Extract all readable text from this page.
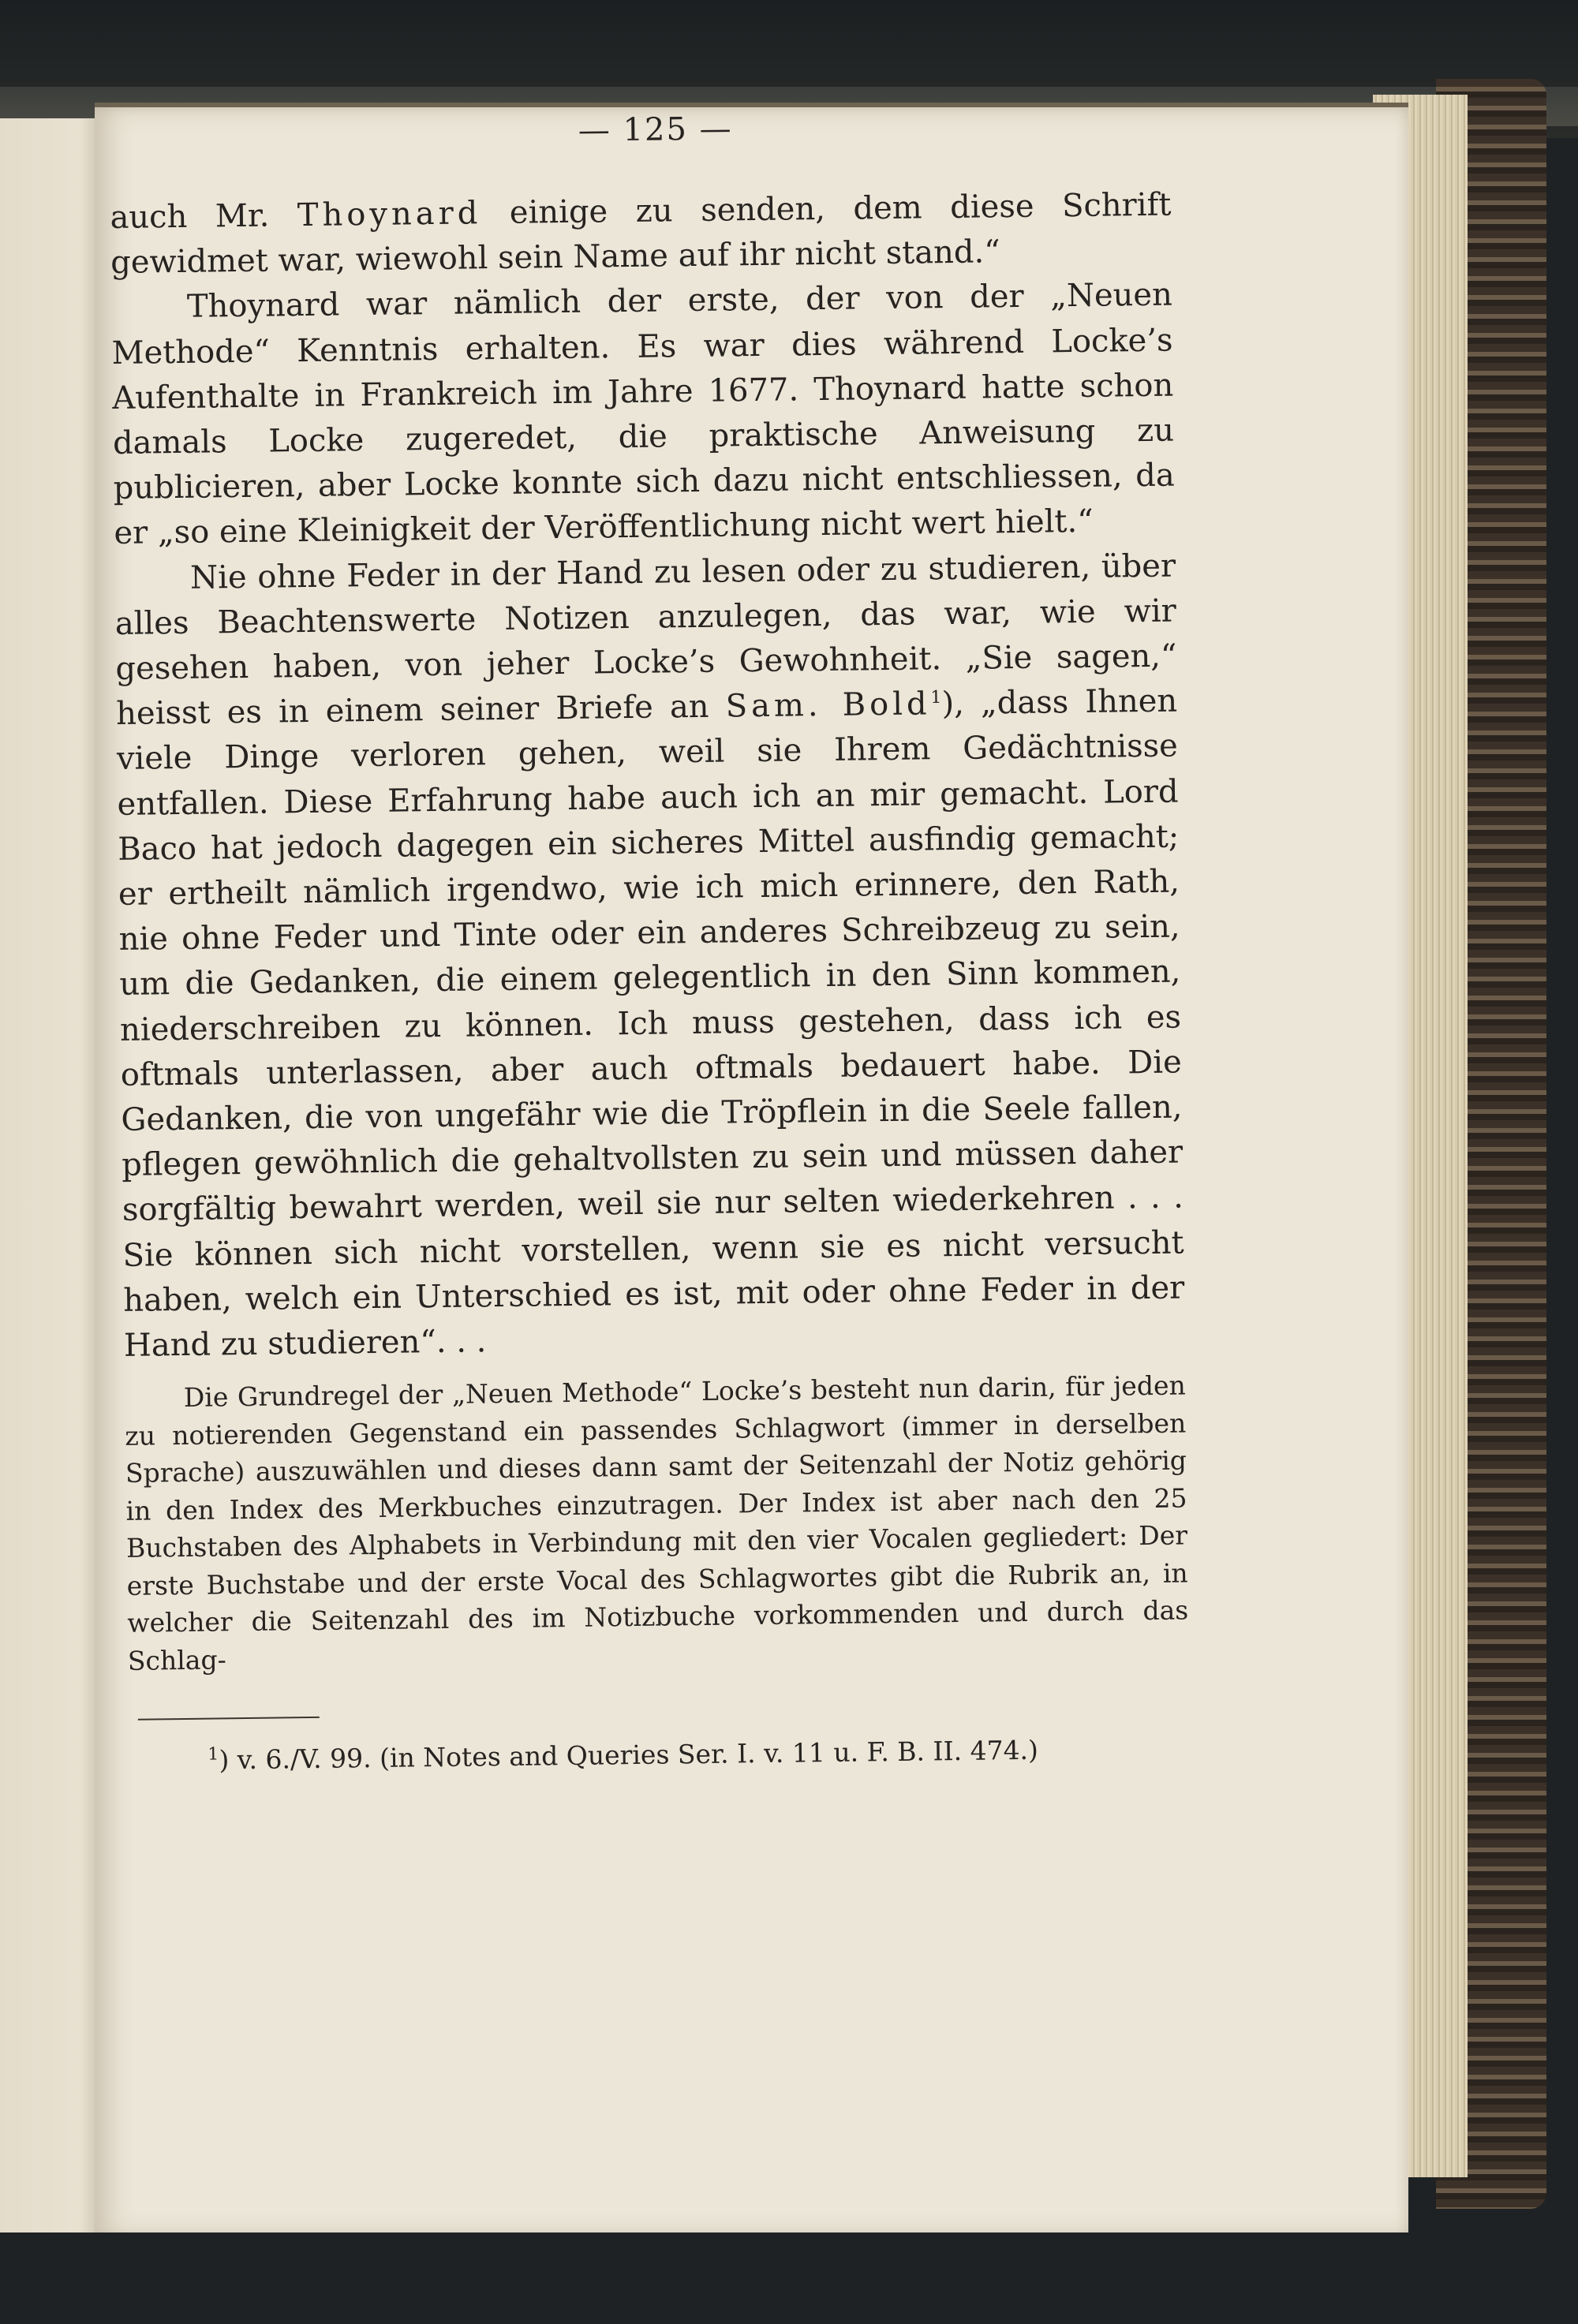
— 125 —

auch Mr. Thoynard einige zu senden, dem diese Schrift gewidmet war, wiewohl sein Name auf ihr nicht stand.“

Thoynard war nämlich der erste, der von der „Neuen Methode“ Kenntnis erhalten. Es war dies während Locke’s Aufenthalte in Frankreich im Jahre 1677. Thoynard hatte schon damals Locke zugeredet, die praktische Anweisung zu publicieren, aber Locke konnte sich dazu nicht entschliessen, da er „so eine Kleinigkeit der Veröffentlichung nicht wert hielt.“

Nie ohne Feder in der Hand zu lesen oder zu studieren, über alles Beachtenswerte Notizen anzulegen, das war, wie wir gesehen haben, von jeher Locke’s Gewohnheit. „Sie sagen,“ heisst es in einem seiner Briefe an Sam. Bold$^1$), „dass Ihnen viele Dinge verloren gehen, weil sie Ihrem Gedächtnisse entfallen. Diese Erfahrung habe auch ich an mir gemacht. Lord Baco hat jedoch dagegen ein sicheres Mittel ausfindig gemacht; er ertheilt nämlich irgendwo, wie ich mich erinnere, den Rath, nie ohne Feder und Tinte oder ein anderes Schreibzeug zu sein, um die Gedanken, die einem gelegentlich in den Sinn kommen, niederschreiben zu können. Ich muss gestehen, dass ich es oftmals unterlassen, aber auch oftmals bedauert habe. Die Gedanken, die von ungefähr wie die Tröpflein in die Seele fallen, pflegen gewöhnlich die gehaltvollsten zu sein und müssen daher sorgfältig bewahrt werden, weil sie nur selten wiederkehren . . . Sie können sich nicht vorstellen, wenn sie es nicht versucht haben, welch ein Unterschied es ist, mit oder ohne Feder in der Hand zu studieren“. . .

Die Grundregel der „Neuen Methode“ Locke’s besteht nun darin, für jeden zu notierenden Gegenstand ein passendes Schlagwort (immer in derselben Sprache) auszuwählen und dieses dann samt der Seitenzahl der Notiz gehörig in den Index des Merkbuches einzutragen. Der Index ist aber nach den 25 Buchstaben des Alphabets in Verbindung mit den vier Vocalen gegliedert: Der erste Buchstabe und der erste Vocal des Schlagwortes gibt die Rubrik an, in welcher die Seitenzahl des im Notizbuche vorkommenden und durch das Schlag-

$^1$) v. 6./V. 99. (in Notes and Queries Ser. I. v. 11 u. F. B. II. 474.)
